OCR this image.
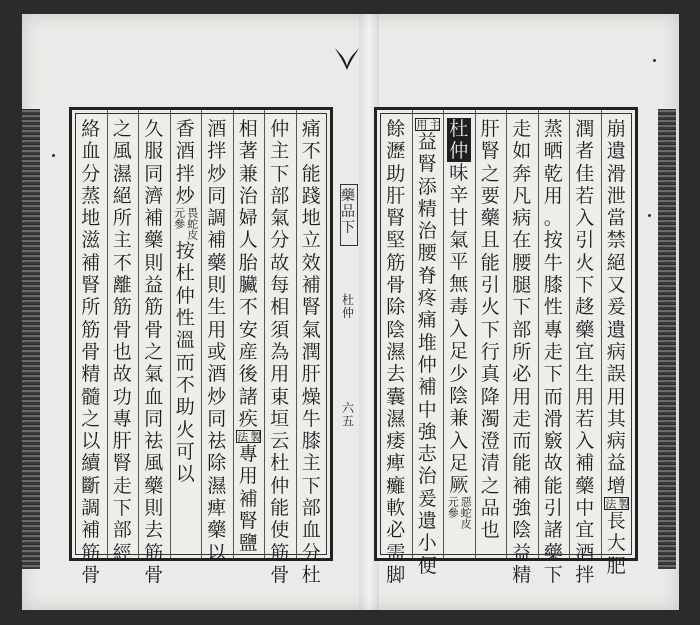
痛
不
能
踐
地
立
效
補
腎
氣
潤
肝
燥
牛
膝
主
下
部
血
分
杜
仲
主
下
部
氣
分
故
每
相
須
為
用
東
垣
云
杜
仲
能
使
筋
骨
相
著
兼
治
婦
人
胎
臟
不
安
産
後
諸
疾
法 製
專
用
補
腎
鹽
酒
拌
炒
同
調
補
藥
則
生
用
或
酒
炒
同
祛
除
濕
痺
藥
以
香
酒
拌
炒
元參 畏蛇皮
按
杜
仲
性
溫
而
不
助
火
可
以
久
服
同
濟
補
藥
則
益
筋
骨
之
氣
血
同
祛
風
藥
則
去
筋
骨
之
風
濕
絕
所
主
不
離
筋
骨
也
故
功
專
肝
腎
走
下
部
經
絡
血
分
蒸
地
滋
補
腎
所
筋
骨
精
髓
之
以
續
斷
調
補
筋
骨
藥
品
下
杜
仲
六
五
崩
遺
滑
泄
當
禁
絕
又
爰
遺
病
誤
用
其
病
益
增
法 製
長
大
肥
潤
者
佳
若
入
引
火
下
趍
藥
宜
生
用
若
入
補
藥
中
宜
酒
拌
蒸
晒
乾
用
。
按
牛
膝
性
專
走
下
而
滑
竅
故
能
引
諸
藥
下
走
如
奔
凡
病
在
腰
腿
下
部
所
必
用
走
而
能
補
強
陰
益
精
肝
腎
之
要
藥
且
能
引
火
下
行
真
降
濁
澄
清
之
品
也
杜
仲
味
辛
甘
氣
平
無
毒
入
足
少
陰
兼
入
足
厥
元參 惡蛇皮
用 主
益
腎
添
精
治
腰
脊
疼
痛
堆
仲
補
中
強
志
治
爰
遺
小
便
餘
瀝
助
肝
腎
堅
筋
骨
除
陰
濕
去
囊
濕
痿
痺
癱
軟
必
需
脚
